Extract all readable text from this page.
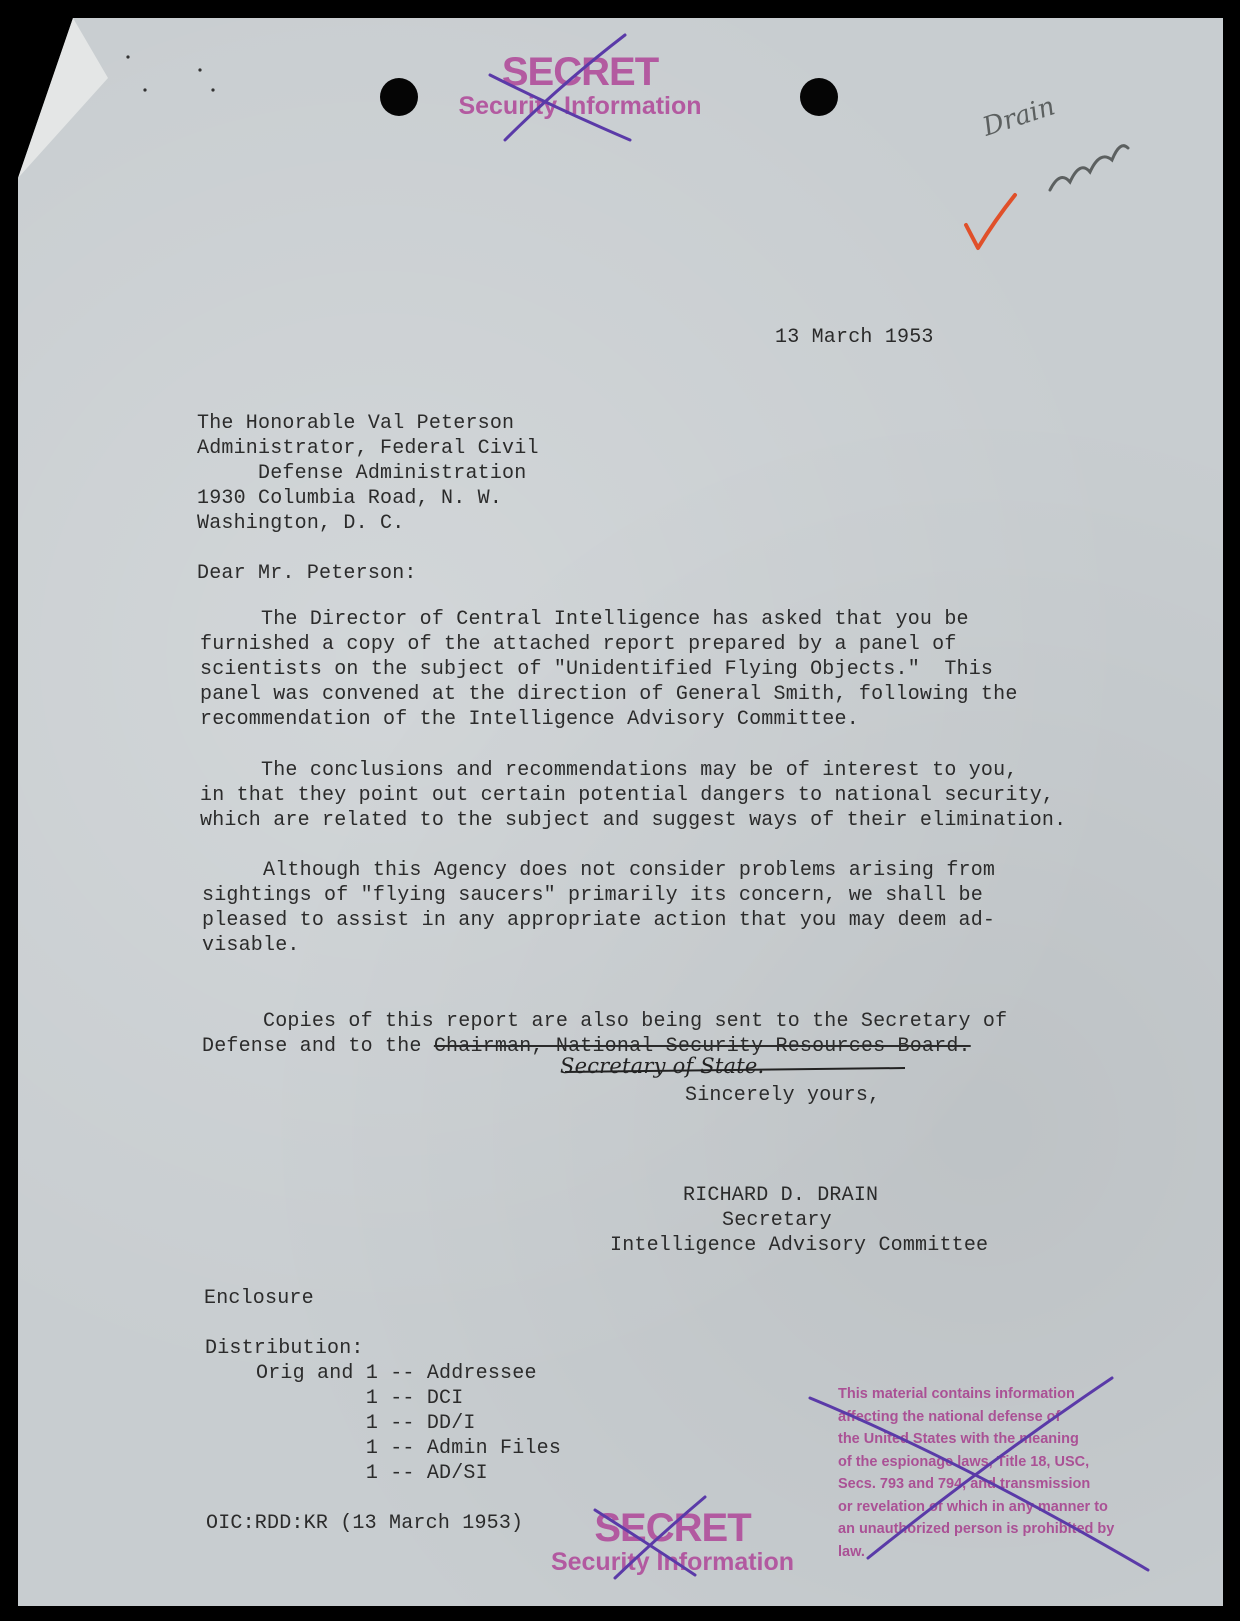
SECRET
Security Information
SECRET
Security Information
13 March 1953
The Honorable Val Peterson
Administrator, Federal Civil
Defense Administration
1930 Columbia Road, N. W.
Washington, D. C.
Dear Mr. Peterson:
The Director of Central Intelligence has asked that you be
furnished a copy of the attached report prepared by a panel of
scientists on the subject of "Unidentified Flying Objects."  This
panel was convened at the direction of General Smith, following the
recommendation of the Intelligence Advisory Committee.
The conclusions and recommendations may be of interest to you,
in that they point out certain potential dangers to national security,
which are related to the subject and suggest ways of their elimination.
Although this Agency does not consider problems arising from
sightings of "flying saucers" primarily its concern, we shall be
pleased to assist in any appropriate action that you may deem ad-
visable.
Copies of this report are also being sent to the Secretary of
Defense and to the Chairman, National Security Resources Board.
Secretary of State.
Sincerely yours,
RICHARD D. DRAIN
Secretary
Intelligence Advisory Committee
Enclosure
Distribution:
Orig and 1 -- Addressee
1 -- DCI
1 -- DD/I
1 -- Admin Files
1 -- AD/SI
OIC:RDD:KR (13 March 1953)
This material contains information
affecting the national defense of
the United States with the meaning
of the espionage laws, Title 18, USC,
Secs. 793 and 794, and transmission
or revelation of which in any manner to
an unauthorized person is prohibited by
law.
Drain
